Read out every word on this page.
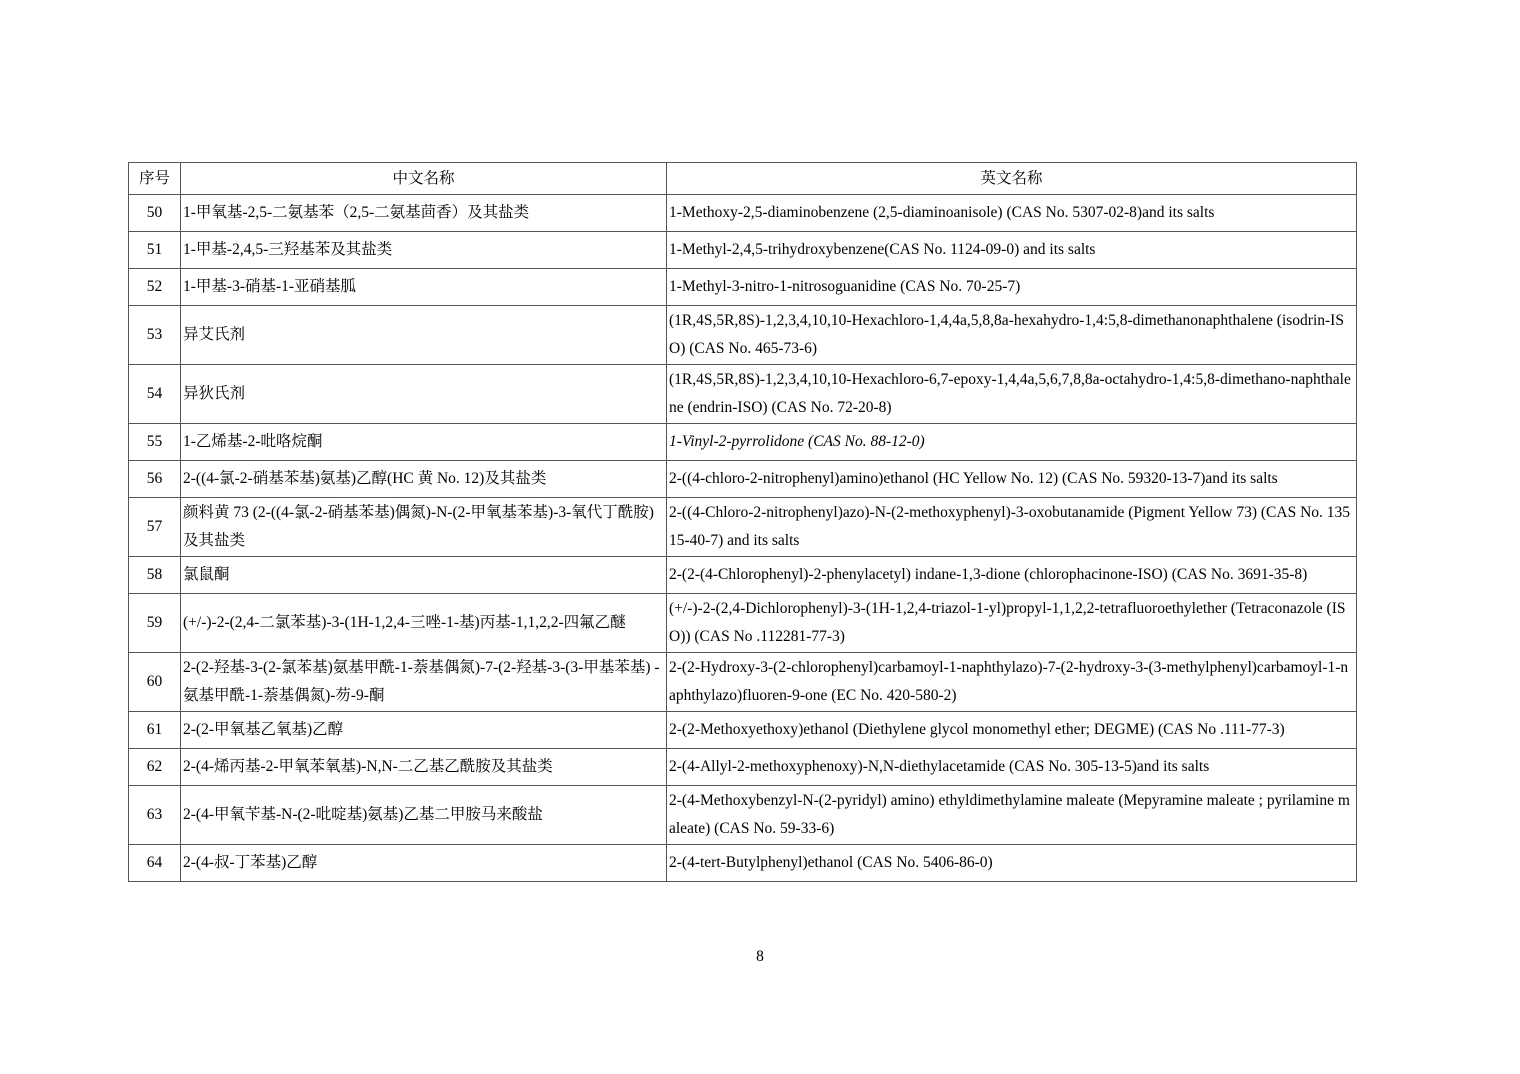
序号	中文名称	英文名称
50	1-甲氧基-2,5-二氨基苯（2,5-二氨基茴香）及其盐类	1-Methoxy-2,5-diaminobenzene (2,5-diaminoanisole) (CAS No. 5307-02-8)and its salts
51	1-甲基-2,4,5-三羟基苯及其盐类	1-Methyl-2,4,5-trihydroxybenzene(CAS No. 1124-09-0) and its salts
52	1-甲基-3-硝基-1-亚硝基胍	1-Methyl-3-nitro-1-nitrosoguanidine (CAS No. 70-25-7)
53	异艾氏剂	(1R,4S,5R,8S)-1,2,3,4,10,10-Hexachloro-1,4,4a,5,8,8a-hexahydro-1,4:5,8-dimethanonaphthalene (isodrin-ISO) (CAS No. 465-73-6)
54	异狄氏剂	(1R,4S,5R,8S)-1,2,3,4,10,10-Hexachloro-6,7-epoxy-1,4,4a,5,6,7,8,8a-octahydro-1,4:5,8-dimethano-naphthalene (endrin-ISO) (CAS No. 72-20-8)
55	1-乙烯基-2-吡咯烷酮	1-Vinyl-2-pyrrolidone (CAS No. 88-12-0)
56	2-((4-氯-2-硝基苯基)氨基)乙醇(HC 黄 No. 12)及其盐类	2-((4-chloro-2-nitrophenyl)amino)ethanol (HC Yellow No. 12) (CAS No. 59320-13-7)and its salts
57	颜料黄 73 (2-((4-氯-2-硝基苯基)偶氮)-N-(2-甲氧基苯基)-3-氧代丁酰胺)及其盐类	2-((4-Chloro-2-nitrophenyl)azo)-N-(2-methoxyphenyl)-3-oxobutanamide (Pigment Yellow 73) (CAS No. 13515-40-7) and its salts
58	氯鼠酮	2-(2-(4-Chlorophenyl)-2-phenylacetyl) indane-1,3-dione (chlorophacinone-ISO) (CAS No. 3691-35-8)
59	(+/-)-2-(2,4-二氯苯基)-3-(1H-1,2,4-三唑-1-基)丙基-1,1,2,2-四氟乙醚	(+/-)-2-(2,4-Dichlorophenyl)-3-(1H-1,2,4-triazol-1-yl)propyl-1,1,2,2-tetrafluoroethylether (Tetraconazole (ISO)) (CAS No .112281-77-3)
60	2-(2-羟基-3-(2-氯苯基)氨基甲酰-1-萘基偶氮)-7-(2-羟基-3-(3-甲基苯基) -氨基甲酰-1-萘基偶氮)-芴-9-酮	2-(2-Hydroxy-3-(2-chlorophenyl)carbamoyl-1-naphthylazo)-7-(2-hydroxy-3-(3-methylphenyl)carbamoyl-1-naphthylazo)fluoren-9-one (EC No. 420-580-2)
61	2-(2-甲氧基乙氧基)乙醇	2-(2-Methoxyethoxy)ethanol (Diethylene glycol monomethyl ether; DEGME) (CAS No .111-77-3)
62	2-(4-烯丙基-2-甲氧苯氧基)-N,N-二乙基乙酰胺及其盐类	2-(4-Allyl-2-methoxyphenoxy)-N,N-diethylacetamide (CAS No. 305-13-5)and its salts
63	2-(4-甲氧苄基-N-(2-吡啶基)氨基)乙基二甲胺马来酸盐	2-(4-Methoxybenzyl-N-(2-pyridyl) amino) ethyldimethylamine maleate (Mepyramine maleate ; pyrilamine maleate) (CAS No. 59-33-6)
64	2-(4-叔-丁苯基)乙醇	2-(4-tert-Butylphenyl)ethanol (CAS No. 5406-86-0)
8
